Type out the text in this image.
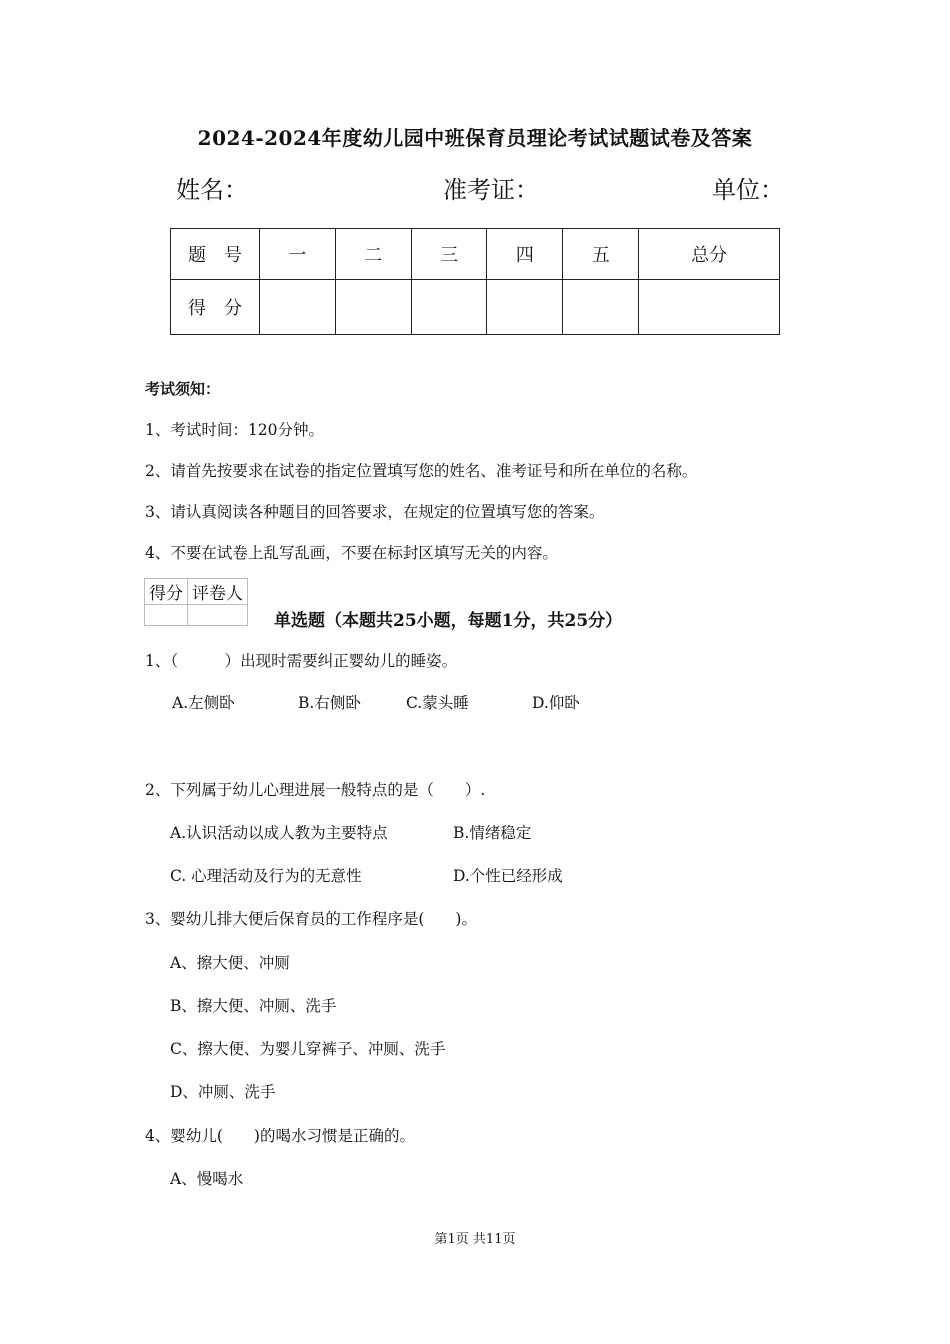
2024-2024年度幼儿园中班保育员理论考试试题试卷及答案
姓名：	准考证：	单位：
题　号	一	二	三	四	五	总分
得　分						
考试须知：
1、考试时间：120分钟。
2、请首先按要求在试卷的指定位置填写您的姓名、准考证号和所在单位的名称。
3、请认真阅读各种题目的回答要求，在规定的位置填写您的答案。
4、不要在试卷上乱写乱画，不要在标封区填写无关的内容。
得分	评卷人

单选题（本题共25小题，每题1分，共25分）
1、（　　　）出现时需要纠正婴幼儿的睡姿。
A.左侧卧	B.右侧卧	C.蒙头睡	D.仰卧
2、下列属于幼儿心理进展一般特点的是（　　）.
A.认识活动以成人教为主要特点	B.情绪稳定
C. 心理活动及行为的无意性	D.个性已经形成
3、婴幼儿排大便后保育员的工作程序是(　　)。
A、擦大便、冲厕
B、擦大便、冲厕、洗手
C、擦大便、为婴儿穿裤子、冲厕、洗手
D、冲厕、洗手
4、婴幼儿(　　)的喝水习惯是正确的。
A、慢喝水
第1页 共11页
